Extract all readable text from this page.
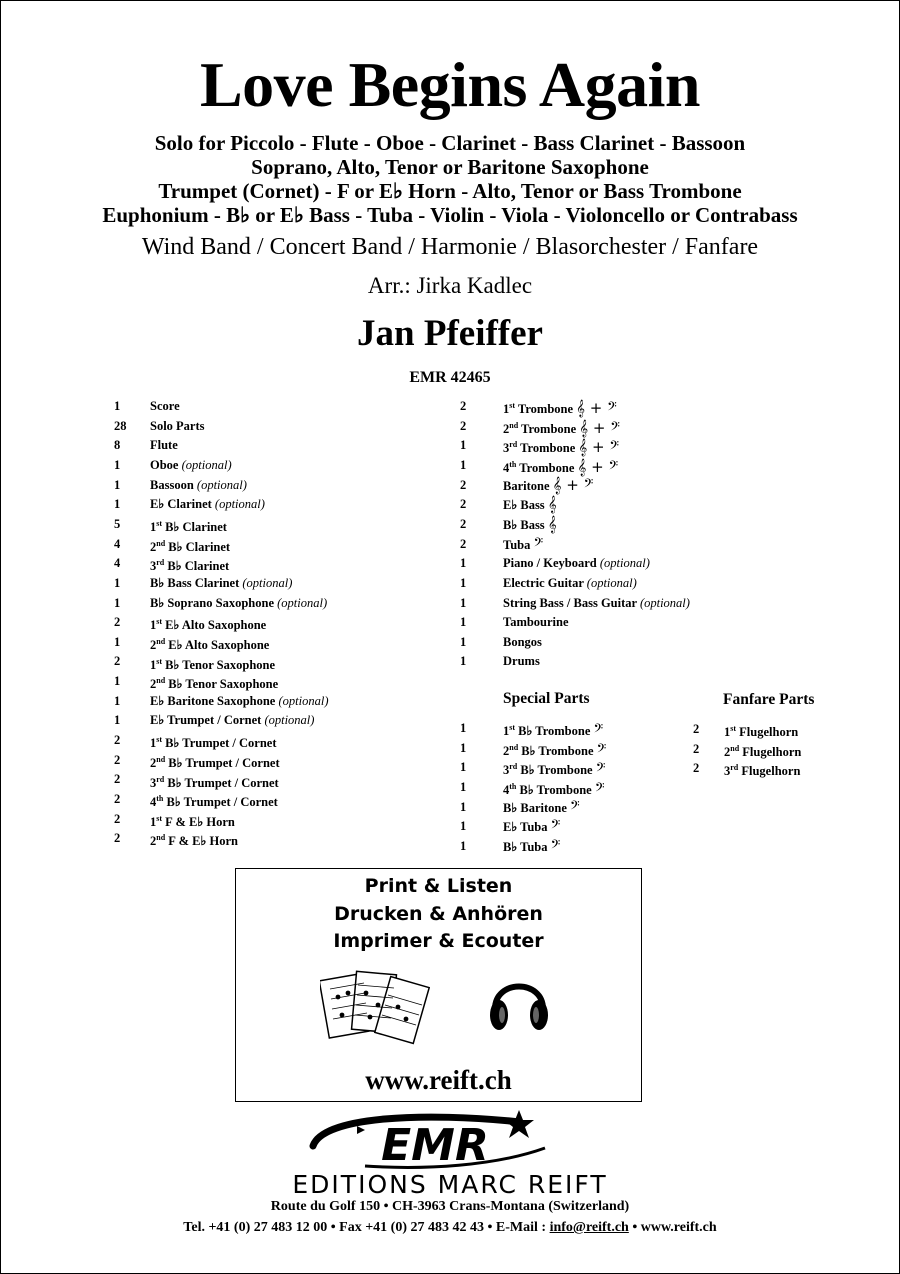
Love Begins Again
Solo for Piccolo - Flute - Oboe - Clarinet - Bass Clarinet - Bassoon
Soprano, Alto, Tenor or Baritone Saxophone
Trumpet (Cornet) - F or E♭ Horn - Alto, Tenor or Bass Trombone
Euphonium - B♭ or E♭ Bass - Tuba - Violin - Viola - Violoncello or Contrabass
Wind Band / Concert Band / Harmonie / Blasorchester / Fanfare
Arr.: Jirka Kadlec
Jan Pfeiffer
EMR 42465
1 Score
28 Solo Parts
8 Flute
1 Oboe (optional)
1 Bassoon (optional)
1 E♭ Clarinet (optional)
5 1st B♭ Clarinet
4 2nd B♭ Clarinet
4 3rd B♭ Clarinet
1 B♭ Bass Clarinet (optional)
1 B♭ Soprano Saxophone (optional)
2 1st E♭ Alto Saxophone
1 2nd E♭ Alto Saxophone
2 1st B♭ Tenor Saxophone
1 2nd B♭ Tenor Saxophone
1 E♭ Baritone Saxophone (optional)
1 E♭ Trumpet / Cornet (optional)
2 1st B♭ Trumpet / Cornet
2 2nd B♭ Trumpet / Cornet
2 3rd B♭ Trumpet / Cornet
2 4th B♭ Trumpet / Cornet
2 1st F & E♭ Horn
2 2nd F & E♭ Horn
2	1st Trombone 𝄞 + 𝄢
2	2nd Trombone 𝄞 + 𝄢
1	3rd Trombone 𝄞 + 𝄢
1	4th Trombone 𝄞 + 𝄢
2	Baritone 𝄞 + 𝄢
2	E♭ Bass 𝄞
2	B♭ Bass 𝄞
2	Tuba 𝄢
1	Piano / Keyboard (optional)
1	Electric Guitar (optional)
1	String Bass / Bass Guitar (optional)
1	Tambourine
1	Bongos
1	Drums
Special Parts
1	1st B♭ Trombone 𝄢
1	2nd B♭ Trombone 𝄢
1	3rd B♭ Trombone 𝄢
1	4th B♭ Trombone 𝄢
1	B♭ Baritone 𝄢
1	E♭ Tuba 𝄢
1	B♭ Tuba 𝄢
Fanfare Parts
2 1st Flugelhorn
2 2nd Flugelhorn
2 3rd Flugelhorn
Print & Listen
Drucken & Anhören
Imprimer & Ecouter
www.reift.ch
EMR
EDITIONS MARC REIFT
Route du Golf 150 • CH-3963 Crans-Montana (Switzerland)
Tel. +41 (0) 27 483 12 00 • Fax +41 (0) 27 483 42 43 • E-Mail : info@reift.ch • www.reift.ch
